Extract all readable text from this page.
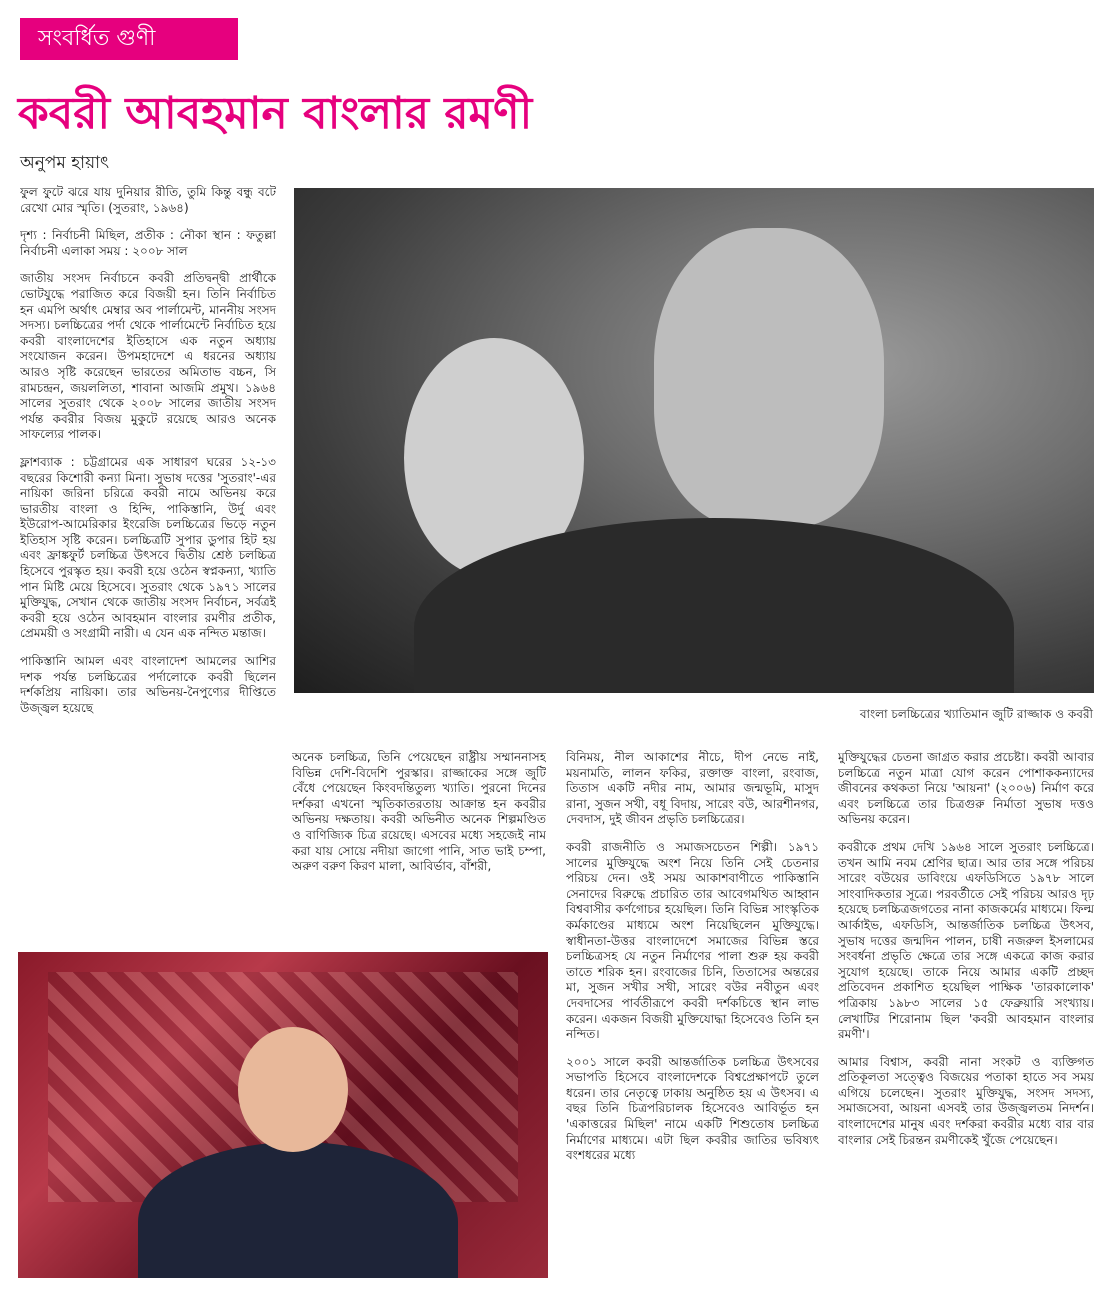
সংবর্ধিত গুণী
কবরী আবহমান বাংলার রমণী
অনুপম হায়াৎ

ফুল ফুটে ঝরে যায় দুনিয়ার রীতি, তুমি কিন্তু বন্ধু বটে রেখো মোর স্মৃতি। (সুতরাং, ১৯৬৪)

দৃশ্য : নির্বাচনী মিছিল, প্রতীক : নৌকা স্থান : ফতুল্লা নির্বাচনী এলাকা সময় : ২০০৮ সাল

জাতীয় সংসদ নির্বাচনে কবরী প্রতিদ্বন্দ্বী প্রার্থীকে ভোটযুদ্ধে পরাজিত করে বিজয়ী হন। তিনি নির্বাচিত হন এমপি অর্থাৎ মেম্বার অব পার্লামেন্ট, মাননীয় সংসদ সদস্য। চলচ্চিত্রের পর্দা থেকে পার্লামেন্টে নির্বাচিত হয়ে কবরী বাংলাদেশের ইতিহাসে এক নতুন অধ্যায় সংযোজন করেন। উপমহাদেশে এ ধরনের অধ্যায় আরও সৃষ্টি করেছেন ভারতের অমিতাভ বচ্চন, সি রামচন্দ্রন, জয়ললিতা, শাবানা আজমি প্রমুখ। ১৯৬৪ সালের সুতরাং থেকে ২০০৮ সালের জাতীয় সংসদ পর্যন্ত কবরীর বিজয় মুকুটে রয়েছে আরও অনেক সাফল্যের পালক।

ফ্লাশব্যাক : চট্টগ্রামের এক সাধারণ ঘরের ১২-১৩ বছরের কিশোরী কন্যা মিনা। সুভাষ দত্তের 'সুতরাং'-এর নায়িকা জরিনা চরিত্রে কবরী নামে অভিনয় করে ভারতীয় বাংলা ও হিন্দি, পাকিস্তানি, উর্দু এবং ইউরোপ-আমেরিকার ইংরেজি চলচ্চিত্রের ভিড়ে নতুন ইতিহাস সৃষ্টি করেন। চলচ্চিত্রটি সুপার ডুপার হিট হয় এবং ফ্রাঙ্কফুর্ট চলচ্চিত্র উৎসবে দ্বিতীয় শ্রেষ্ঠ চলচ্চিত্র হিসেবে পুরস্কৃত হয়। কবরী হয়ে ওঠেন স্বপ্নকন্যা, খ্যাতি পান মিষ্টি মেয়ে হিসেবে। সুতরাং থেকে ১৯৭১ সালের মুক্তিযুদ্ধ, সেখান থেকে জাতীয় সংসদ নির্বাচন, সর্বত্রই কবরী হয়ে ওঠেন আবহমান বাংলার রমণীর প্রতীক, প্রেমময়ী ও সংগ্রামী নারী। এ যেন এক নন্দিত মন্তাজ।

পাকিস্তানি আমল এবং বাংলাদেশ আমলের আশির দশক পর্যন্ত চলচ্চিত্রের পর্দালোকে কবরী ছিলেন দর্শকপ্রিয় নায়িকা। তার অভিনয়-নৈপুণ্যের দীপ্তিতে উজ্জ্বল হয়েছে	বাংলা চলচ্চিত্রের খ্যাতিমান জুটি রাজ্জাক ও কবরী

অনেক চলচ্চিত্র, তিনি পেয়েছেন রাষ্ট্রীয় সম্মাননাসহ বিভিন্ন দেশি-বিদেশি পুরস্কার। রাজ্জাকের সঙ্গে জুটি বেঁধে পেয়েছেন কিংবদন্তিতুল্য খ্যাতি। পুরনো দিনের দর্শকরা এখনো স্মৃতিকাতরতায় আক্রান্ত হন কবরীর অভিনয় দক্ষতায়। কবরী অভিনীত অনেক শিল্পমণ্ডিত ও বাণিজ্যিক চিত্র রয়েছে। এসবের মধ্যে সহজেই নাম করা যায় সোয়ে নদীয়া জাগো পানি, সাত ভাই চম্পা, অরুণ বরুণ কিরণ মালা, আবির্ভাব, বাঁশরী,

বিনিময়, নীল আকাশের নীচে, দীপ নেভে নাই, ময়নামতি, লালন ফকির, রক্তাক্ত বাংলা, রংবাজ, তিতাস একটি নদীর নাম, আমার জন্মভূমি, মাসুদ রানা, সুজন সখী, বধূ বিদায়, সারেং বউ, আরশীনগর, দেবদাস, দুই জীবন প্রভৃতি চলচ্চিত্রের।

কবরী রাজনীতি ও সমাজসচেতন শিল্পী। ১৯৭১ সালের মুক্তিযুদ্ধে অংশ নিয়ে তিনি সেই চেতনার পরিচয় দেন। ওই সময় আকাশবাণীতে পাকিস্তানি সেনাদের বিরুদ্ধে প্রচারিত তার আবেগমথিত আহ্বান বিশ্ববাসীর কর্ণগোচর হয়েছিল। তিনি বিভিন্ন সাংস্কৃতিক কর্মকাণ্ডের মাধ্যমে অংশ নিয়েছিলেন মুক্তিযুদ্ধে। স্বাধীনতা-উত্তর বাংলাদেশে সমাজের বিভিন্ন স্তরে চলচ্চিত্রসহ যে নতুন নির্মাণের পালা শুরু হয় কবরী তাতে শরিক হন। রংবাজের চিনি, তিতাসের অন্তরের মা, সুজন সখীর সখী, সারেং বউর নবীতুন এবং দেবদাসের পার্বতীরূপে কবরী দর্শকচিত্তে স্থান লাভ করেন। একজন বিজয়ী মুক্তিযোদ্ধা হিসেবেও তিনি হন নন্দিত।

২০০১ সালে কবরী আন্তর্জাতিক চলচ্চিত্র উৎসবের সভাপতি হিসেবে বাংলাদেশকে বিশ্বপ্রেক্ষাপটে তুলে ধরেন। তার নেতৃত্বে ঢাকায় অনুষ্ঠিত হয় এ উৎসব। এ বছর তিনি চিত্রপরিচালক হিসেবেও আবির্ভূত হন 'একাত্তরের মিছিল' নামে একটি শিশুতোষ চলচ্চিত্র নির্মাণের মাধ্যমে। এটা ছিল কবরীর জাতির ভবিষ্যৎ বংশধরের মধ্যে

মুক্তিযুদ্ধের চেতনা জাগ্রত করার প্রচেষ্টা। কবরী আবার চলচ্চিত্রে নতুন মাত্রা যোগ করেন পোশাককন্যাদের জীবনের কথকতা নিয়ে 'আয়না' (২০০৬) নির্মাণ করে এবং চলচ্চিত্রে তার চিত্রগুরু নির্মাতা সুভাষ দত্তও অভিনয় করেন।

কবরীকে প্রথম দেখি ১৯৬৪ সালে সুতরাং চলচ্চিত্রে। তখন আমি নবম শ্রেণির ছাত্র। আর তার সঙ্গে পরিচয় সারেং বউয়ের ডাবিংয়ে এফডিসিতে ১৯৭৮ সালে সাংবাদিকতার সূত্রে। পরবর্তীতে সেই পরিচয় আরও দৃঢ় হয়েছে চলচ্চিত্রজগতের নানা কাজকর্মের মাধ্যমে। ফিল্ম আর্কাইভ, এফডিসি, আন্তর্জাতিক চলচ্চিত্র উৎসব, সুভাষ দত্তের জন্মদিন পালন, চাষী নজরুল ইসলামের সংবর্ধনা প্রভৃতি ক্ষেত্রে তার সঙ্গে একত্রে কাজ করার সুযোগ হয়েছে। তাকে নিয়ে আমার একটি প্রচ্ছদ প্রতিবেদন প্রকাশিত হয়েছিল পাক্ষিক 'তারকালোক' পত্রিকায় ১৯৮৩ সালের ১৫ ফেব্রুয়ারি সংখ্যায়। লেখাটির শিরোনাম ছিল 'কবরী আবহমান বাংলার রমণী'।

আমার বিশ্বাস, কবরী নানা সংকট ও ব্যক্তিগত প্রতিকূলতা সত্ত্বেও বিজয়ের পতাকা হাতে সব সময় এগিয়ে চলেছেন। সুতরাং মুক্তিযুদ্ধ, সংসদ সদস্য, সমাজসেবা, আয়না এসবই তার উজ্জ্বলতম নিদর্শন। বাংলাদেশের মানুষ এবং দর্শকরা কবরীর মধ্যে বার বার বাংলার সেই চিরন্তন রমণীকেই খুঁজে পেয়েছেন।
